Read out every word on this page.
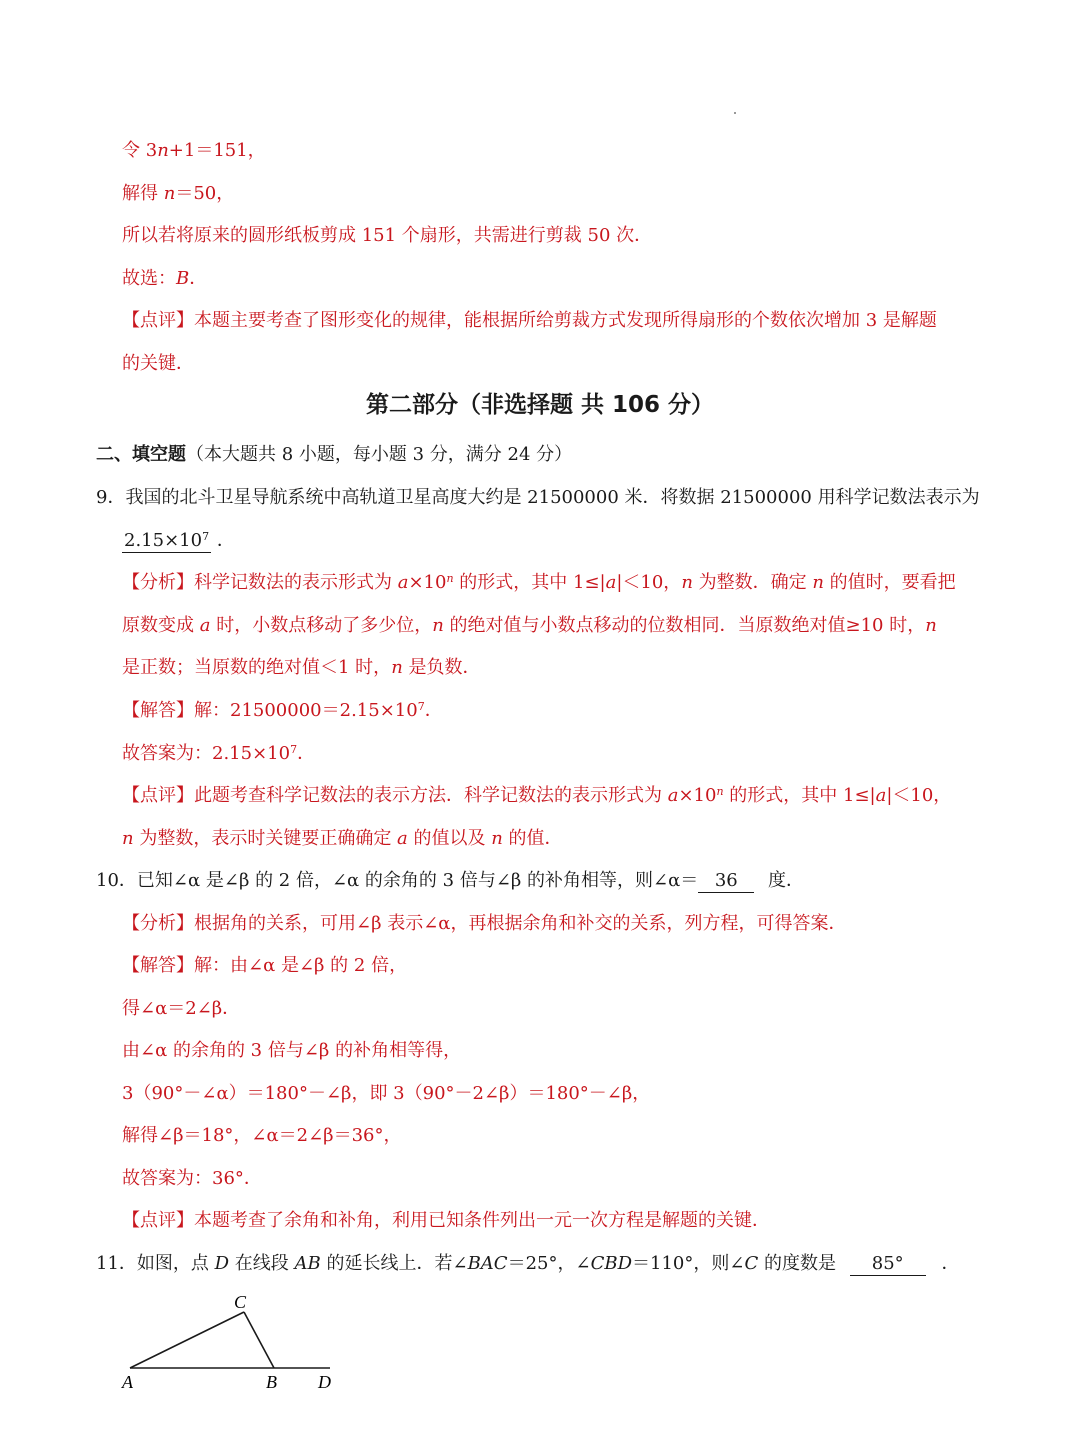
令 3n+1＝151，
解得 n＝50，
所以若将原来的圆形纸板剪成 151 个扇形，共需进行剪裁 50 次．
故选：B．
【点评】本题主要考查了图形变化的规律，能根据所给剪裁方式发现所得扇形的个数依次增加 3 是解题
的关键．
第二部分（非选择题 共 106 分）
二、填空题（本大题共 8 小题，每小题 3 分，满分 24 分）
9．我国的北斗卫星导航系统中高轨道卫星高度大约是 21500000 米．将数据 21500000 用科学记数法表示为
$2.15\times 10^7$ ．
【分析】科学记数法的表示形式为 $a\times 10^n$ 的形式，其中 1≤|a|＜10，n 为整数．确定 n 的值时，要看把
原数变成 a 时，小数点移动了多少位，n 的绝对值与小数点移动的位数相同．当原数绝对值≥10 时，n
是正数；当原数的绝对值＜1 时，n 是负数．
【解答】解：$21500000=2.15\times 10^7$．
故答案为：$2.15\times 10^7$．
【点评】此题考查科学记数法的表示方法．科学记数法的表示形式为 $a\times 10^n$ 的形式，其中 1≤|a|＜10，
n 为整数，表示时关键要正确确定 a 的值以及 n 的值．
10．已知∠α 是∠β 的 2 倍，∠α 的余角的 3 倍与∠β 的补角相等，则∠α＝ 36 度．
【分析】根据角的关系，可用∠β 表示∠α，再根据余角和补交的关系，列方程，可得答案．
【解答】解：由∠α 是∠β 的 2 倍，
得∠α＝2∠β．
由∠α 的余角的 3 倍与∠β 的补角相等得，
3（90°－∠α）＝180°－∠β，即 3（90°－2∠β）＝180°－∠β，
解得∠β＝18°，∠α＝2∠β＝36°，
故答案为：36°．
【点评】本题考查了余角和补角，利用已知条件列出一元一次方程是解题的关键．
11．如图，点 D 在线段 AB 的延长线上．若∠BAC＝25°，∠CBD＝110°，则∠C 的度数是 85° ．
C
A	B D
